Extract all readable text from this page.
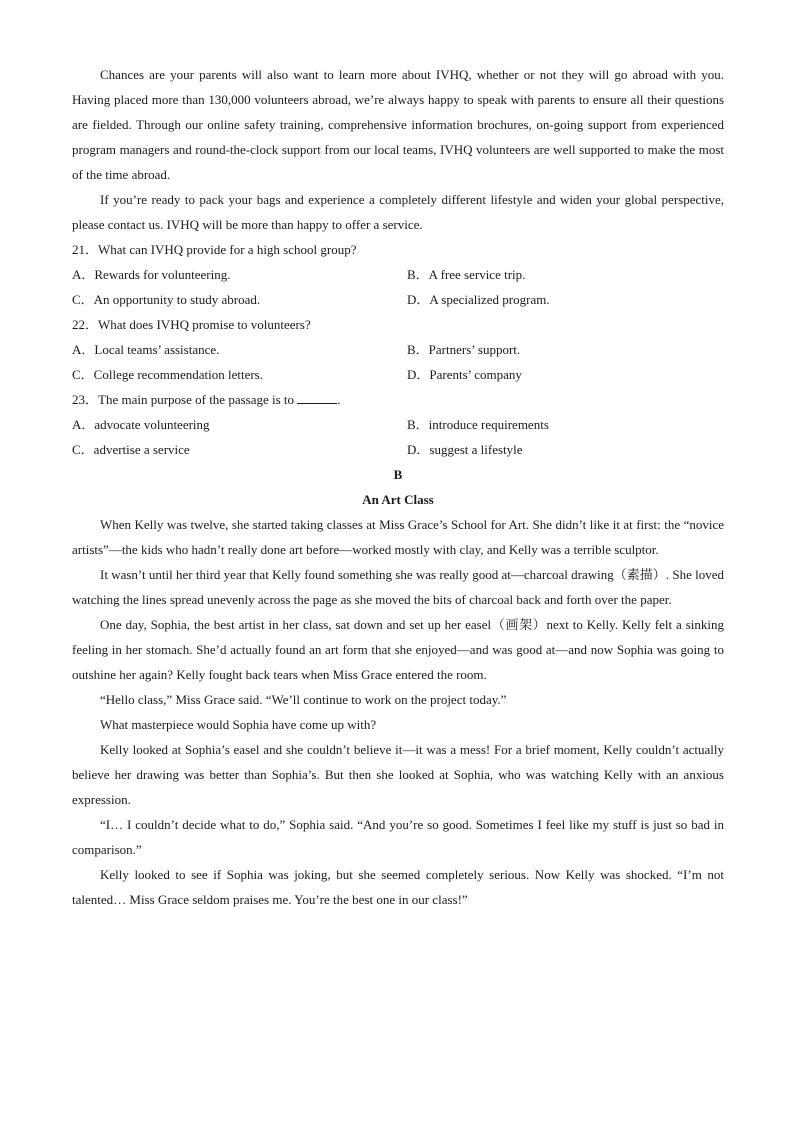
Chances are your parents will also want to learn more about IVHQ, whether or not they will go abroad with you. Having placed more than 130,000 volunteers abroad, we’re always happy to speak with parents to ensure all their questions are fielded. Through our online safety training, comprehensive information brochures, on-going support from experienced program managers and round-the-clock support from our local teams, IVHQ volunteers are well supported to make the most of the time abroad.
If you’re ready to pack your bags and experience a completely different lifestyle and widen your global perspective, please contact us. IVHQ will be more than happy to offer a service.
21．What can IVHQ provide for a high school group?
A．Rewards for volunteering.	B．A free service trip.
C．An opportunity to study abroad.	D．A specialized program.
22．What does IVHQ promise to volunteers?
A．Local teams’ assistance.	B．Partners’ support.
C．College recommendation letters.	D．Parents’ company
23．The main purpose of the passage is to	.
A．advocate volunteering	B．introduce requirements
C．advertise a service	D．suggest a lifestyle
B
An Art Class
When Kelly was twelve, she started taking classes at Miss Grace’s School for Art. She didn’t like it at first: the “novice artists”—the kids who hadn’t really done art before—worked mostly with clay, and Kelly was a terrible sculptor.
It wasn’t until her third year that Kelly found something she was really good at—charcoal drawing（素描）. She loved watching the lines spread unevenly across the page as she moved the bits of charcoal back and forth over the paper.
One day, Sophia, the best artist in her class, sat down and set up her easel（画架）next to Kelly. Kelly felt a sinking feeling in her stomach. She’d actually found an art form that she enjoyed—and was good at—and now Sophia was going to outshine her again? Kelly fought back tears when Miss Grace entered the room.
“Hello class,” Miss Grace said. “We’ll continue to work on the project today.”
What masterpiece would Sophia have come up with?
Kelly looked at Sophia’s easel and she couldn’t believe it—it was a mess! For a brief moment, Kelly couldn’t actually believe her drawing was better than Sophia’s. But then she looked at Sophia, who was watching Kelly with an anxious expression.
“I… I couldn’t decide what to do,” Sophia said. “And you’re so good. Sometimes I feel like my stuff is just so bad in comparison.”
Kelly looked to see if Sophia was joking, but she seemed completely serious. Now Kelly was shocked. “I’m not talented… Miss Grace seldom praises me. You’re the best one in our class!”
